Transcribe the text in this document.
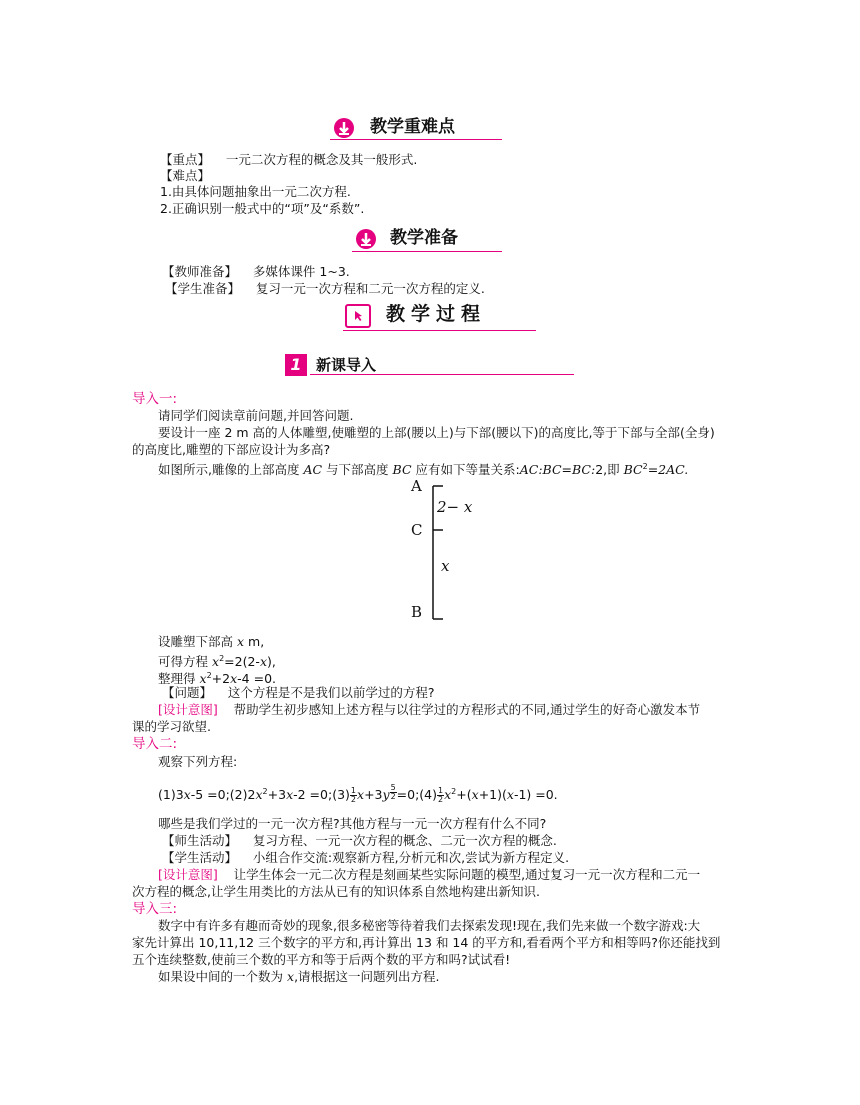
教学重难点
【重点】 一元二次方程的概念及其一般形式.
【难点】
1.由具体问题抽象出一元二次方程.
2.正确识别一般式中的“项”及“系数”.
教学准备
【教师准备】 多媒体课件 1~3.
【学生准备】 复习一元一次方程和二元一次方程的定义.
教学过程
1 新课导入
导入一:
请同学们阅读章前问题,并回答问题.
要设计一座 2 m 高的人体雕塑,使雕塑的上部(腰以上)与下部(腰以下)的高度比,等于下部与全部(全身)
的高度比,雕塑的下部应设计为多高?
如图所示,雕像的上部高度 AC 与下部高度 BC 应有如下等量关系:AC:BC=BC:2,即 $BC^2=2AC$.
A
C
B
2− x
x
设雕塑下部高 x m,
可得方程 $x^2=2(2-x)$,
整理得 $x^2+2x-4 =0$.
【问题】 这个方程是不是我们以前学过的方程?
[设计意图] 帮助学生初步感知上述方程与以往学过的方程形式的不同,通过学生的好奇心激发本节
课的学习欲望.
导入二:
观察下列方程:
$(1)3x-5 =0;(2)2x^2+3x-2$ =0;(3) $\frac{1}{2} x+3y$ $^{\frac{5}{2}}$ =0;(4) $\frac{1}{2} x^2+(x+1)(x-1) =0$.
哪些是我们学过的一元一次方程?其他方程与一元一次方程有什么不同?
【师生活动】 复习方程、一元一次方程的概念、二元一次方程的概念.
【学生活动】 小组合作交流:观察新方程,分析元和次,尝试为新方程定义.
[设计意图] 让学生体会一元二次方程是刻画某些实际问题的模型,通过复习一元一次方程和二元一
次方程的概念,让学生用类比的方法从已有的知识体系自然地构建出新知识.
导入三:
数字中有许多有趣而奇妙的现象,很多秘密等待着我们去探索发现!现在,我们先来做一个数字游戏:大
家先计算出 10,11,12 三个数字的平方和,再计算出 13 和 14 的平方和,看看两个平方和相等吗?你还能找到
五个连续整数,使前三个数的平方和等于后两个数的平方和吗?试试看!
如果设中间的一个数为 x,请根据这一问题列出方程.
